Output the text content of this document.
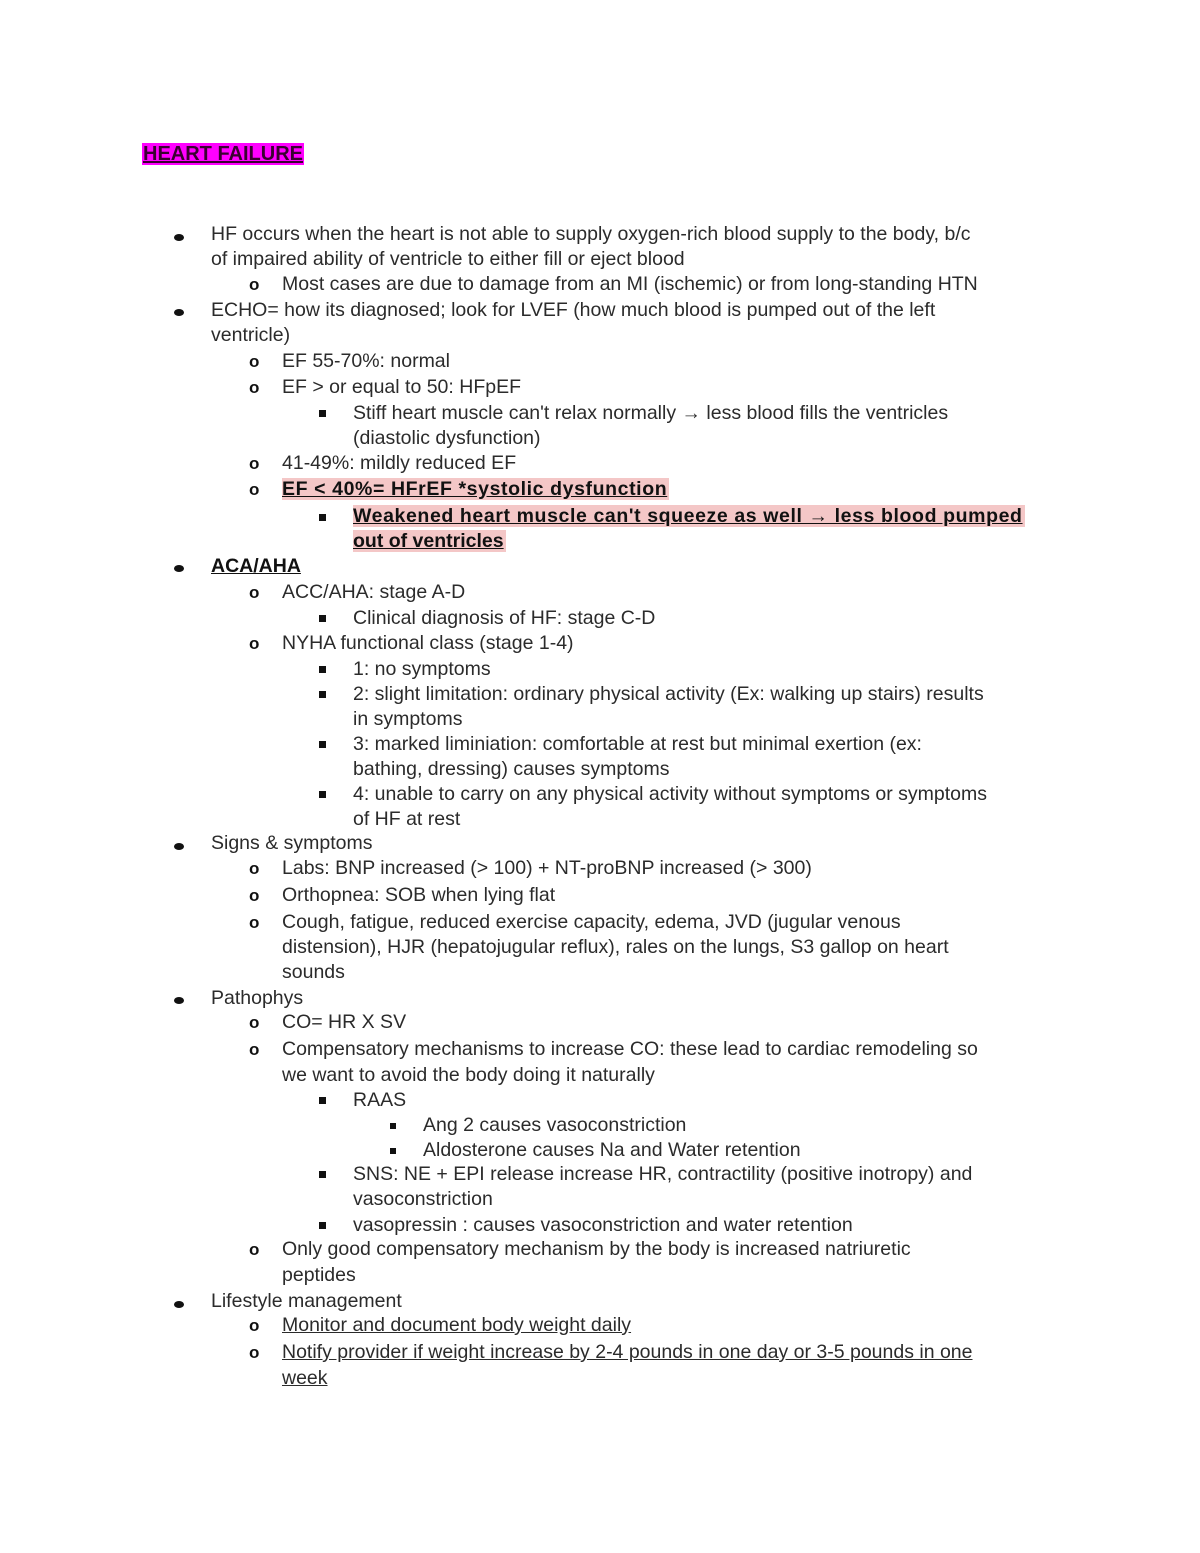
HEART FAILURE
HF occurs when the heart is not able to supply oxygen-rich blood supply to the body, b/c
of impaired ability of ventricle to either fill or eject blood
o Most cases are due to damage from an MI (ischemic) or from long-standing HTN
ECHO= how its diagnosed; look for LVEF (how much blood is pumped out of the left
ventricle)
o EF 55-70%: normal
o EF > or equal to 50: HFpEF
Stiff heart muscle can't relax normally → less blood fills the ventricles
(diastolic dysfunction)
o 41-49%: mildly reduced EF
o EF < 40%= HFrEF *systolic dysfunction
Weakened heart muscle can't squeeze as well → less blood pumped
out of ventricles
ACA/AHA
o ACC/AHA: stage A-D
Clinical diagnosis of HF: stage C-D
o NYHA functional class (stage 1-4)
1: no symptoms
2: slight limitation: ordinary physical activity (Ex: walking up stairs) results
in symptoms
3: marked liminiation: comfortable at rest but minimal exertion (ex:
bathing, dressing) causes symptoms
4: unable to carry on any physical activity without symptoms or symptoms
of HF at rest
Signs & symptoms
o Labs: BNP increased (> 100) + NT-proBNP increased (> 300)
o Orthopnea: SOB when lying flat
o Cough, fatigue, reduced exercise capacity, edema, JVD (jugular venous
distension), HJR (hepatojugular reflux), rales on the lungs, S3 gallop on heart
sounds
Pathophys
o CO= HR X SV
o Compensatory mechanisms to increase CO: these lead to cardiac remodeling so
we want to avoid the body doing it naturally
RAAS
Ang 2 causes vasoconstriction
Aldosterone causes Na and Water retention
SNS: NE + EPI release increase HR, contractility (positive inotropy) and
vasoconstriction
vasopressin : causes vasoconstriction and water retention
o Only good compensatory mechanism by the body is increased natriuretic
peptides
Lifestyle management
o Monitor and document body weight daily
o Notify provider if weight increase by 2-4 pounds in one day or 3-5 pounds in one
week
